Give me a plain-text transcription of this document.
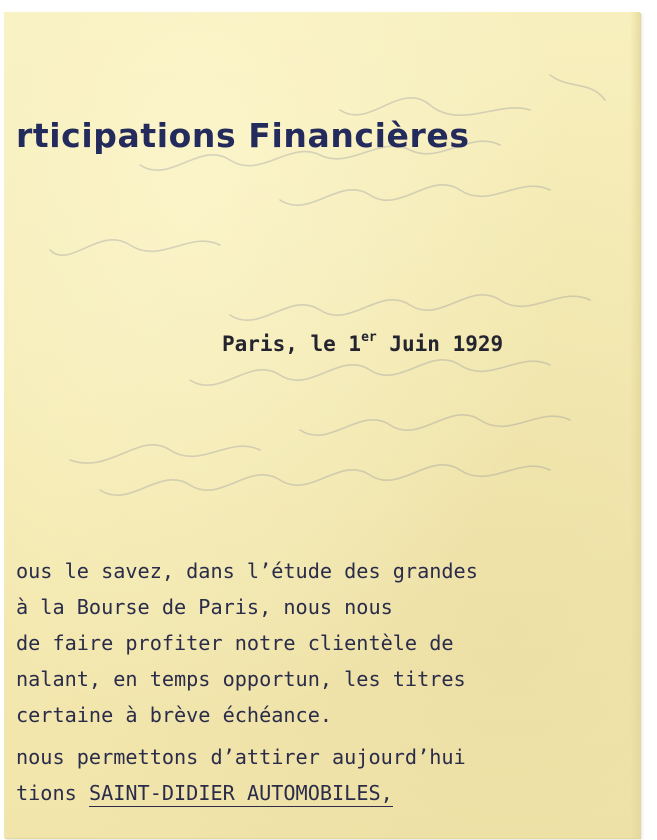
rticipations Financières
Paris, le 1er Juin 1929
ous le savez, dans l’étude des grandes
à la Bourse de Paris, nous nous
de faire profiter notre clientèle de
nalant, en temps opportun, les titres
certaine à brève échéance.
nous permettons d’attirer aujourd’hui
tions SAINT-DIDIER AUTOMOBILES,
